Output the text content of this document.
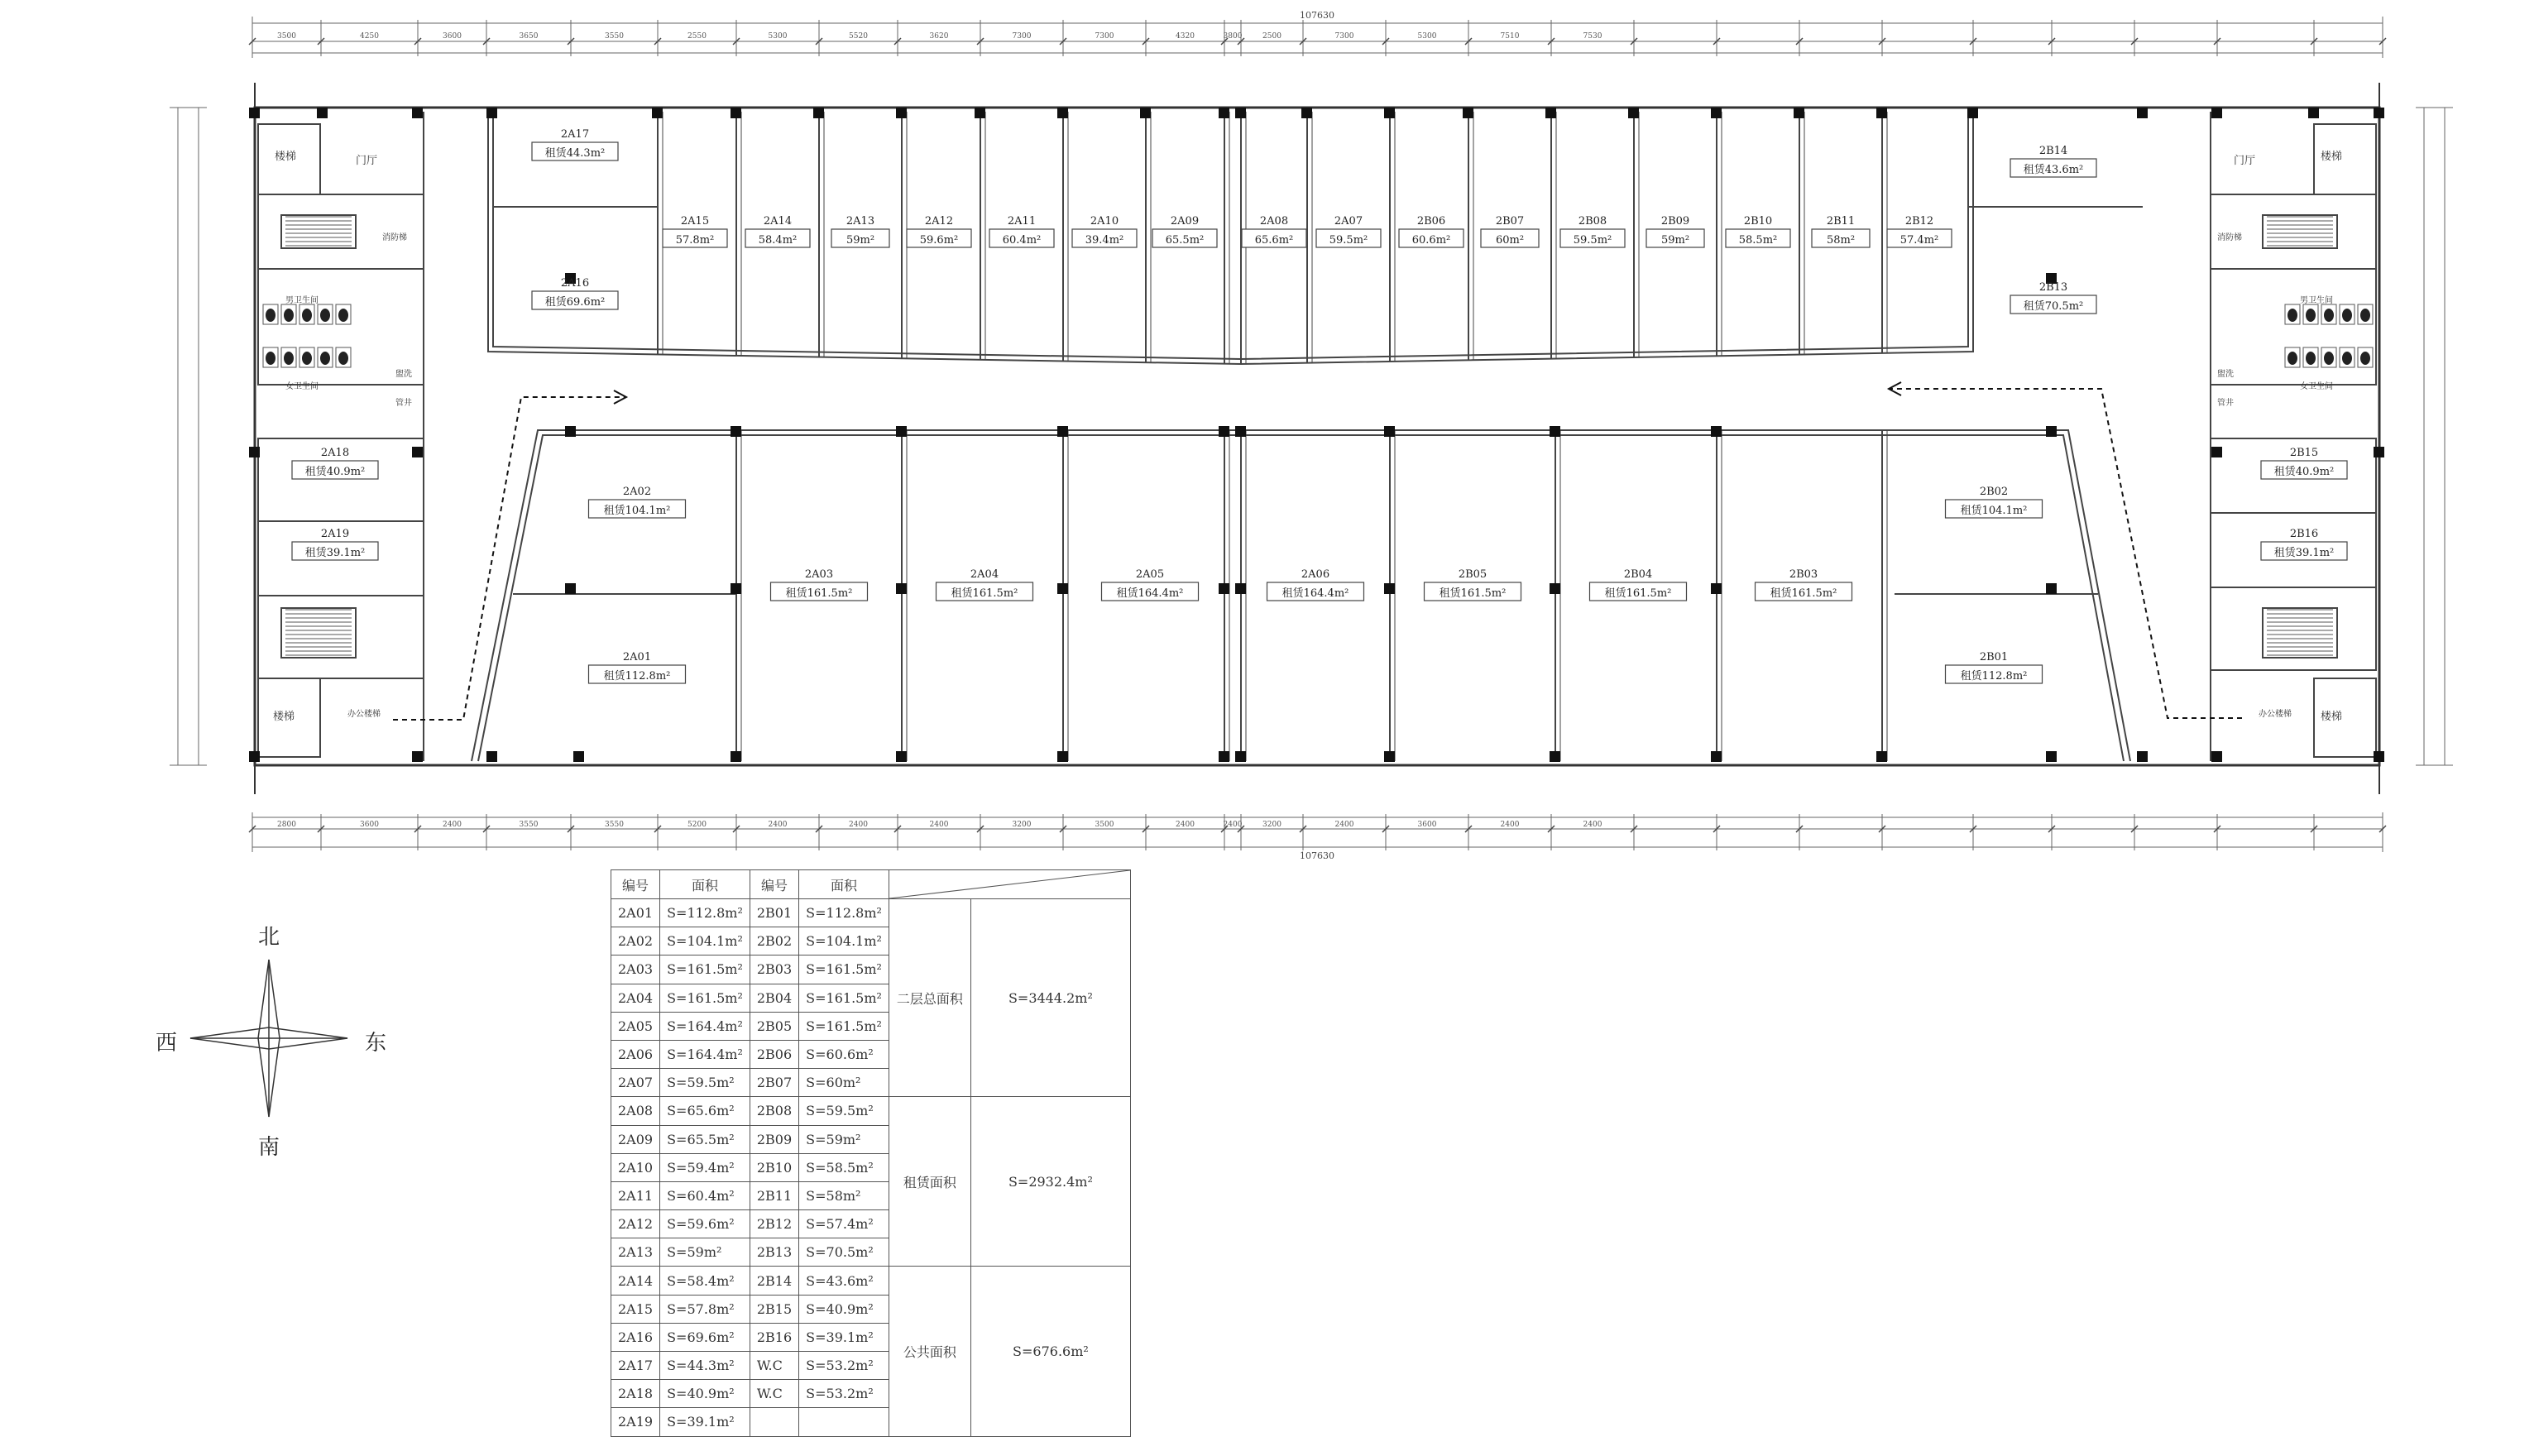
3500	4250	3600	3650	3550	2550	5300	5520	3620	7300	7300	4320	3800	2500	7300	5300	7510	7530
107630
2800	3600	2400	3550	3550	5200	2400	2400	2400	3200	3500	2400	2400	3200	2400	3600	2400	2400
107630
楼梯
楼梯
楼梯
楼梯
门厅	门厅
办公楼梯	办公楼梯
男卫生间
女卫生间
男卫生间
女卫生间
盥洗	盥洗
管井	管井
消防梯	消防梯
2A17
租赁44.3m²
2A16
租赁69.6m²
2A15
57.8m²
2A14
58.4m²
2A13
59m²
2A12
59.6m²
2A11
60.4m²
2A10
39.4m²
2A09
65.5m²
2A08
65.6m²
2A07
59.5m²
2B06
60.6m²
2B07
60m²
2B08
59.5m²
2B09
59m²
2B10
58.5m²
2B11
58m²
2B12
57.4m²
2B14
租赁43.6m²
2B13
租赁70.5m²
2A18
租赁40.9m²
2A19
租赁39.1m²
2B15
租赁40.9m²
2B16
租赁39.1m²
2A02
租赁104.1m²
2A01
租赁112.8m²
2A03
租赁161.5m²
2A04
租赁161.5m²
2A05
租赁164.4m²
2A06
租赁164.4m²
2B05
租赁161.5m²
2B04
租赁161.5m²
2B03
租赁161.5m²
2B02
租赁104.1m²
2B01
租赁112.8m²
北
南
东
西
编号	面积	编号	面积	

2A01	S=112.8m²	2B01	S=112.8m²	二层总面积	S=3444.2m²
2A02	S=104.1m²	2B02	S=104.1m²		
2A03	S=161.5m²	2B03	S=161.5m²		
2A04	S=161.5m²	2B04	S=161.5m²		
2A05	S=164.4m²	2B05	S=161.5m²		
2A06	S=164.4m²	2B06	S=60.6m²		
2A07	S=59.5m²	2B07	S=60m²		
2A08	S=65.6m²	2B08	S=59.5m²	租赁面积	S=2932.4m²
2A09	S=65.5m²	2B09	S=59m²		
2A10	S=59.4m²	2B10	S=58.5m²		
2A11	S=60.4m²	2B11	S=58m²		
2A12	S=59.6m²	2B12	S=57.4m²		
2A13	S=59m²	2B13	S=70.5m²		
2A14	S=58.4m²	2B14	S=43.6m²	公共面积	S=676.6m²
2A15	S=57.8m²	2B15	S=40.9m²		
2A16	S=69.6m²	2B16	S=39.1m²		
2A17	S=44.3m²	W.C	S=53.2m²		
2A18	S=40.9m²	W.C	S=53.2m²		
2A19	S=39.1m²				
